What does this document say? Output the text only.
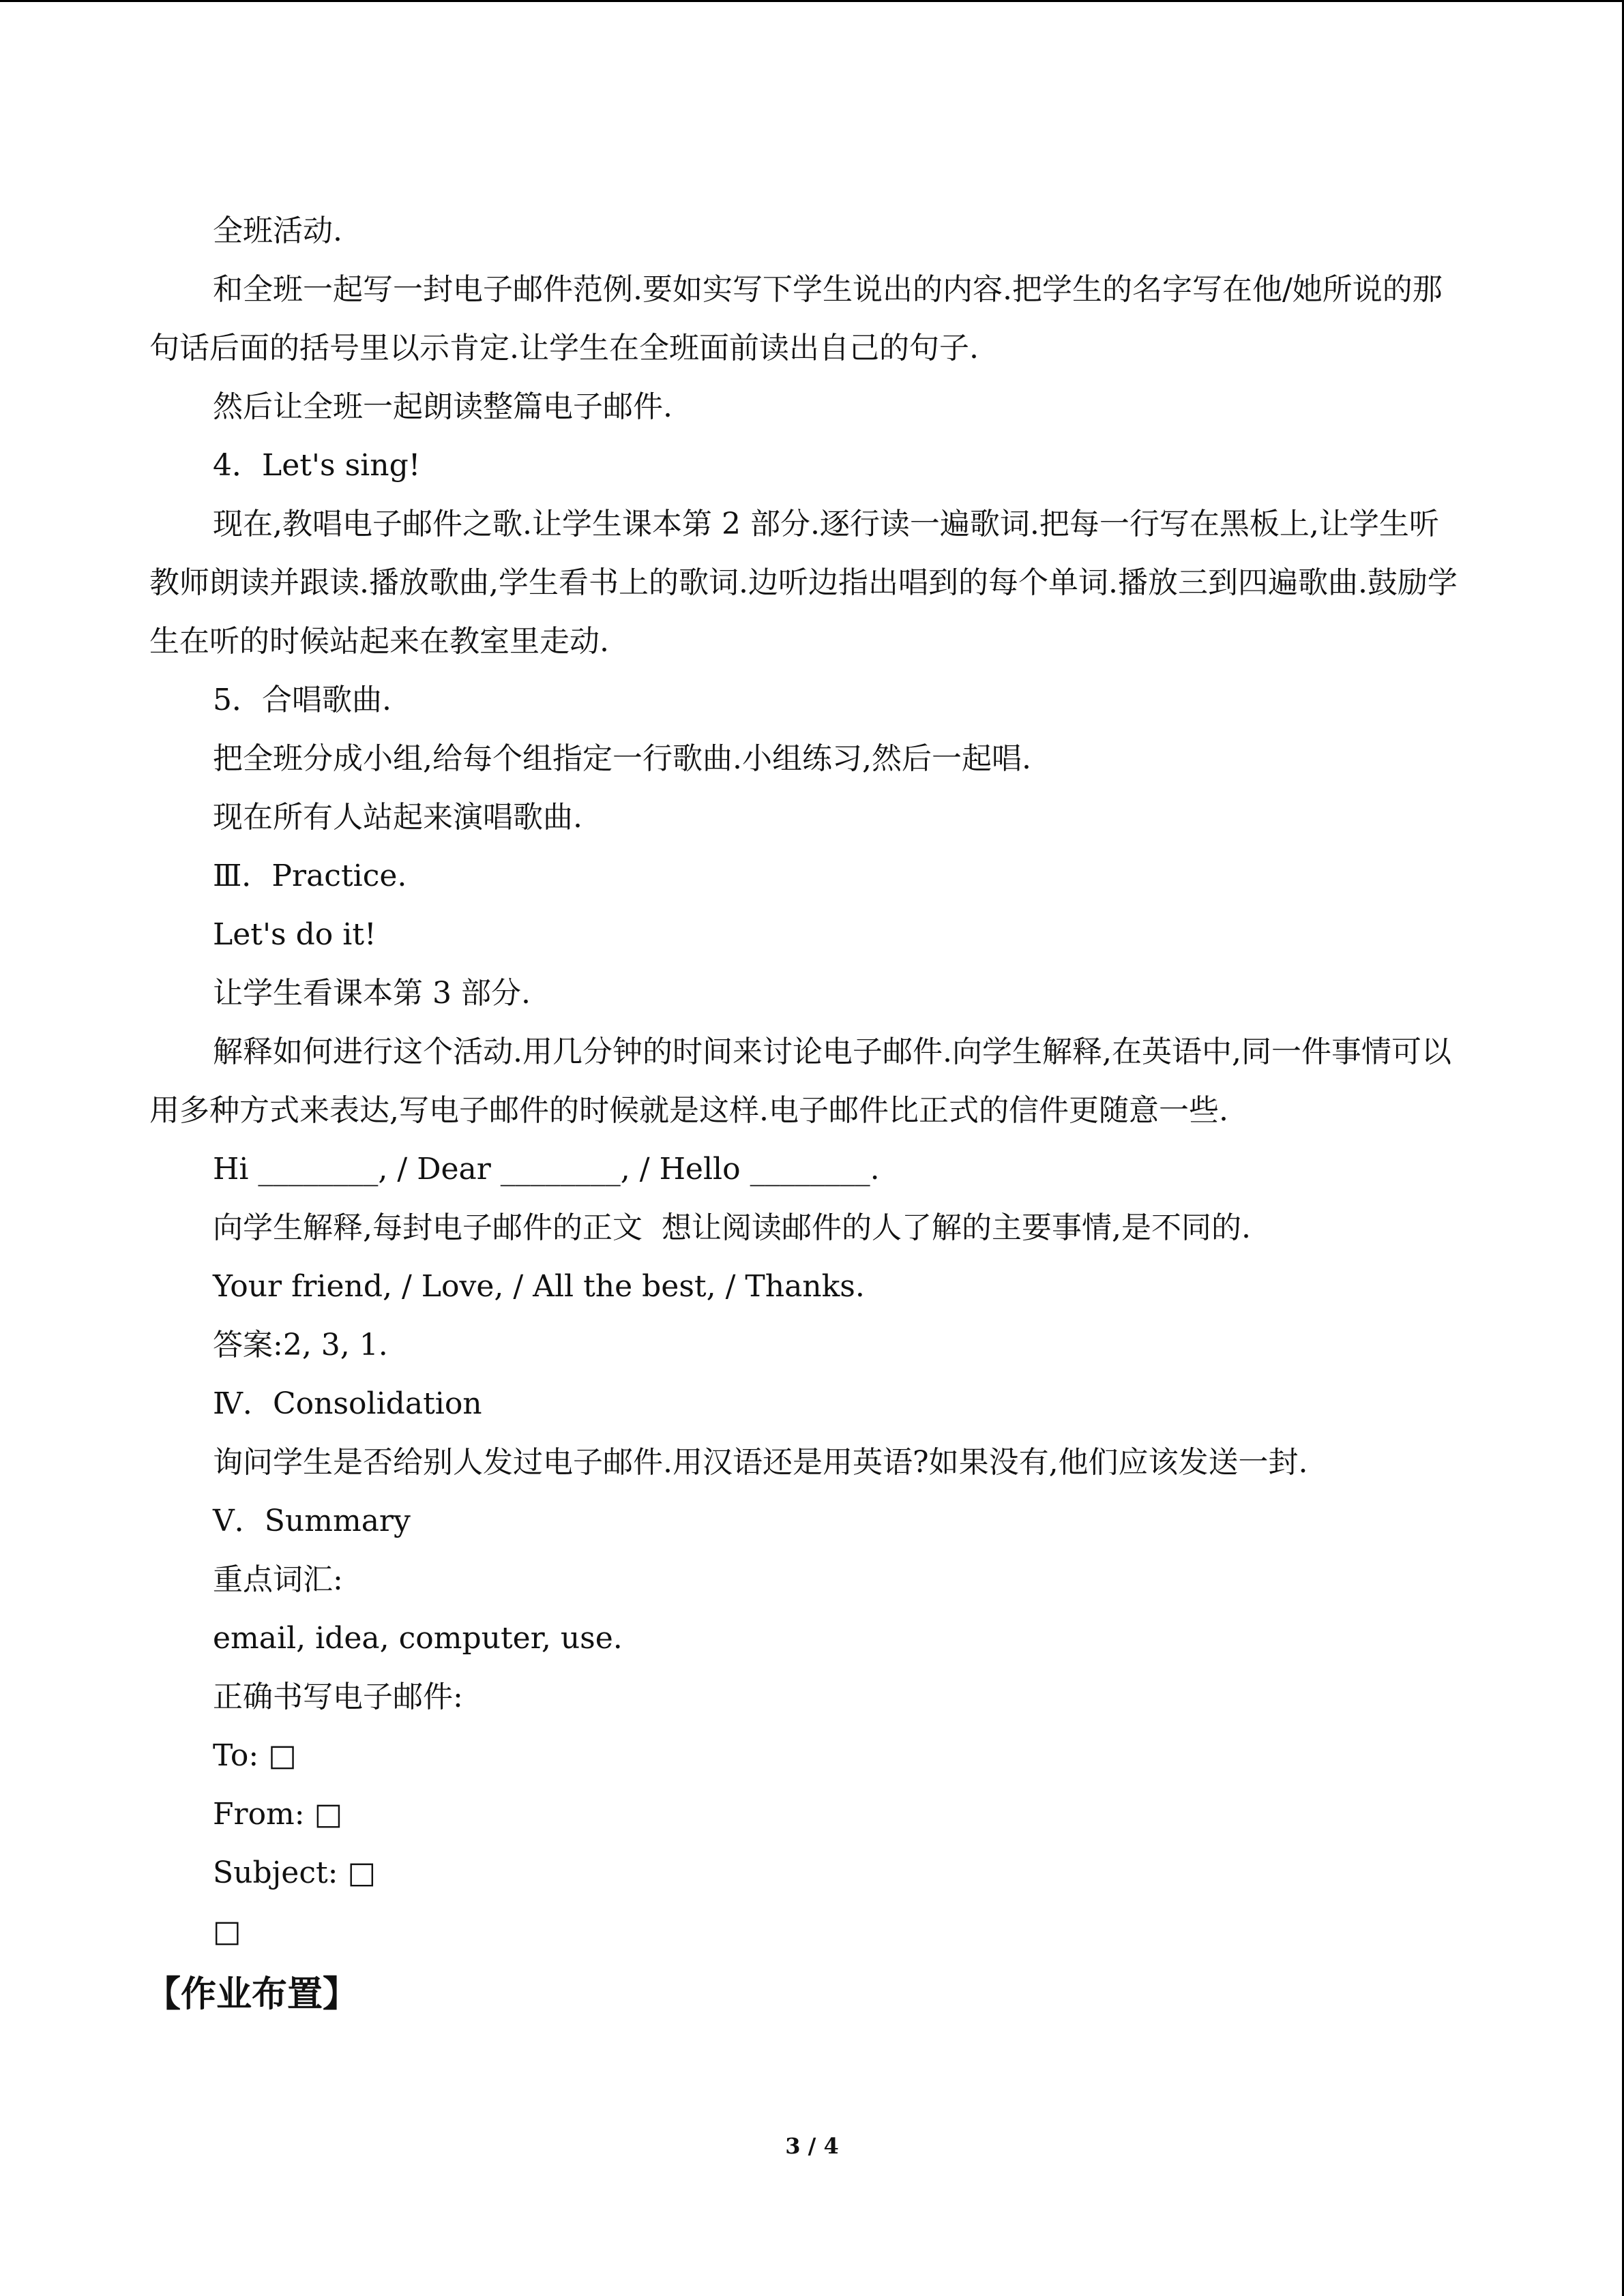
全班活动.

和全班一起写一封电子邮件范例.要如实写下学生说出的内容.把学生的名字写在他/她所说的那句话后面的括号里以示肯定.让学生在全班面前读出自己的句子.

然后让全班一起朗读整篇电子邮件.

4．Let's sing!

现在,教唱电子邮件之歌.让学生课本第 2 部分.逐行读一遍歌词.把每一行写在黑板上,让学生听教师朗读并跟读.播放歌曲,学生看书上的歌词.边听边指出唱到的每个单词.播放三到四遍歌曲.鼓励学生在听的时候站起来在教室里走动.

5．合唱歌曲.

把全班分成小组,给每个组指定一行歌曲.小组练习,然后一起唱.

现在所有人站起来演唱歌曲.

Ⅲ．Practice.

Let's do it!

让学生看课本第 3 部分.

解释如何进行这个活动.用几分钟的时间来讨论电子邮件.向学生解释,在英语中,同一件事情可以用多种方式来表达,写电子邮件的时候就是这样.电子邮件比正式的信件更随意一些.

Hi ________, / Dear ________, / Hello ________.

向学生解释,每封电子邮件的正文  想让阅读邮件的人了解的主要事情,是不同的.

Your friend, / Love, / All the best, / Thanks.

答案:2, 3, 1.

Ⅳ．Consolidation

询问学生是否给别人发过电子邮件.用汉语还是用英语?如果没有,他们应该发送一封.

Ⅴ．Summary

重点词汇:

email, idea, computer, use.

正确书写电子邮件:

To: □

From: □

Subject: □

□

【作业布置】

3 / 4
